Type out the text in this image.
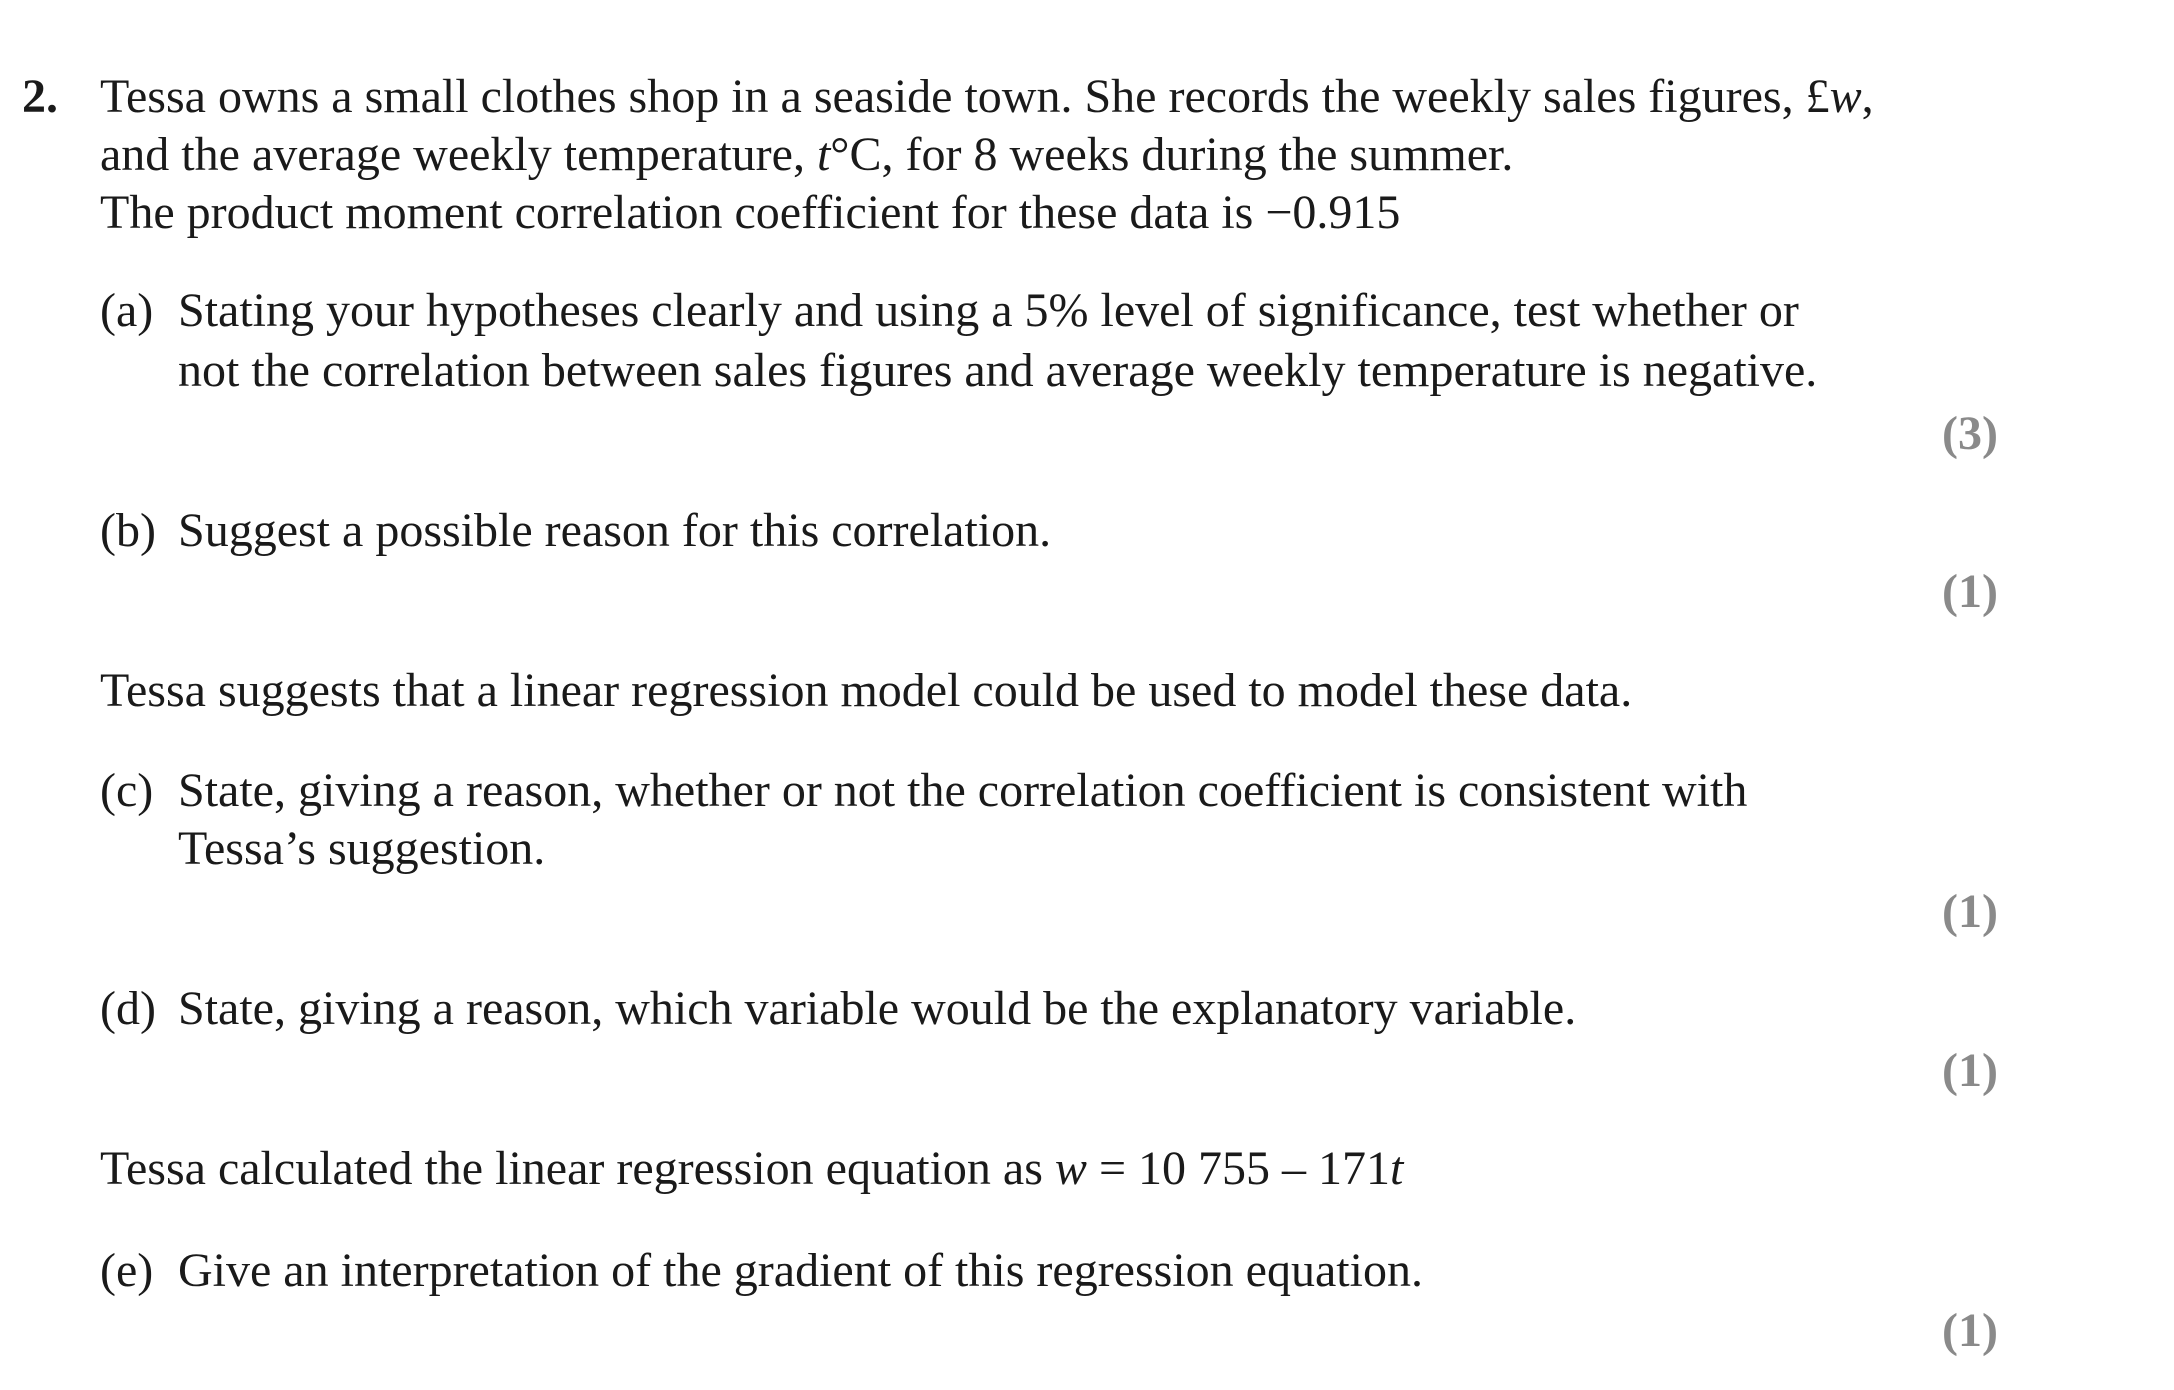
2. Tessa owns a small clothes shop in a seaside town. She records the weekly sales figures, £w,

and the average weekly temperature, t°C, for 8 weeks during the summer.

The product moment correlation coefficient for these data is −0.915

(a) Stating your hypotheses clearly and using a 5% level of significance, test whether or

not the correlation between sales figures and average weekly temperature is negative.

(3)
(b) Suggest a possible reason for this correlation.

(1)

Tessa suggests that a linear regression model could be used to model these data.

(c) State, giving a reason, whether or not the correlation coefficient is consistent with

Tessa’s suggestion.

(1)
(d) State, giving a reason, which variable would be the explanatory variable.

(1)

Tessa calculated the linear regression equation as w = 10 755 – 171t

(e) Give an interpretation of the gradient of this regression equation.

(1)
